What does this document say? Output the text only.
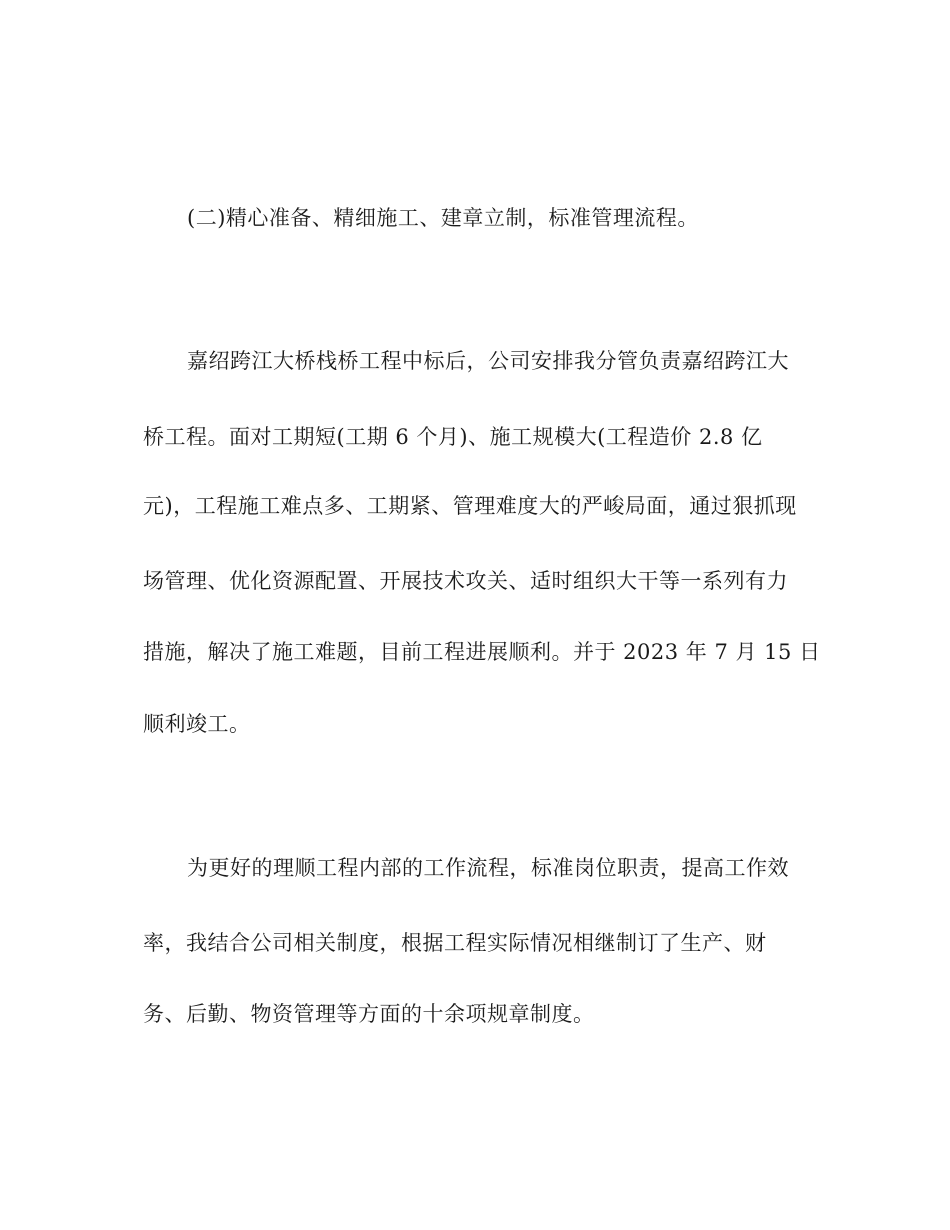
(二)精心准备、精细施工、建章立制，标准管理流程。
嘉绍跨江大桥栈桥工程中标后，公司安排我分管负责嘉绍跨江大
桥工程。面对工期短(工期 6 个月)、施工规模大(工程造价 2.8 亿
元)，工程施工难点多、工期紧、管理难度大的严峻局面，通过狠抓现
场管理、优化资源配置、开展技术攻关、适时组织大干等一系列有力
措施，解决了施工难题，目前工程进展顺利。并于 2023 年 7 月 15 日
顺利竣工。
为更好的理顺工程内部的工作流程，标准岗位职责，提高工作效
率，我结合公司相关制度，根据工程实际情况相继制订了生产、财
务、后勤、物资管理等方面的十余项规章制度。
